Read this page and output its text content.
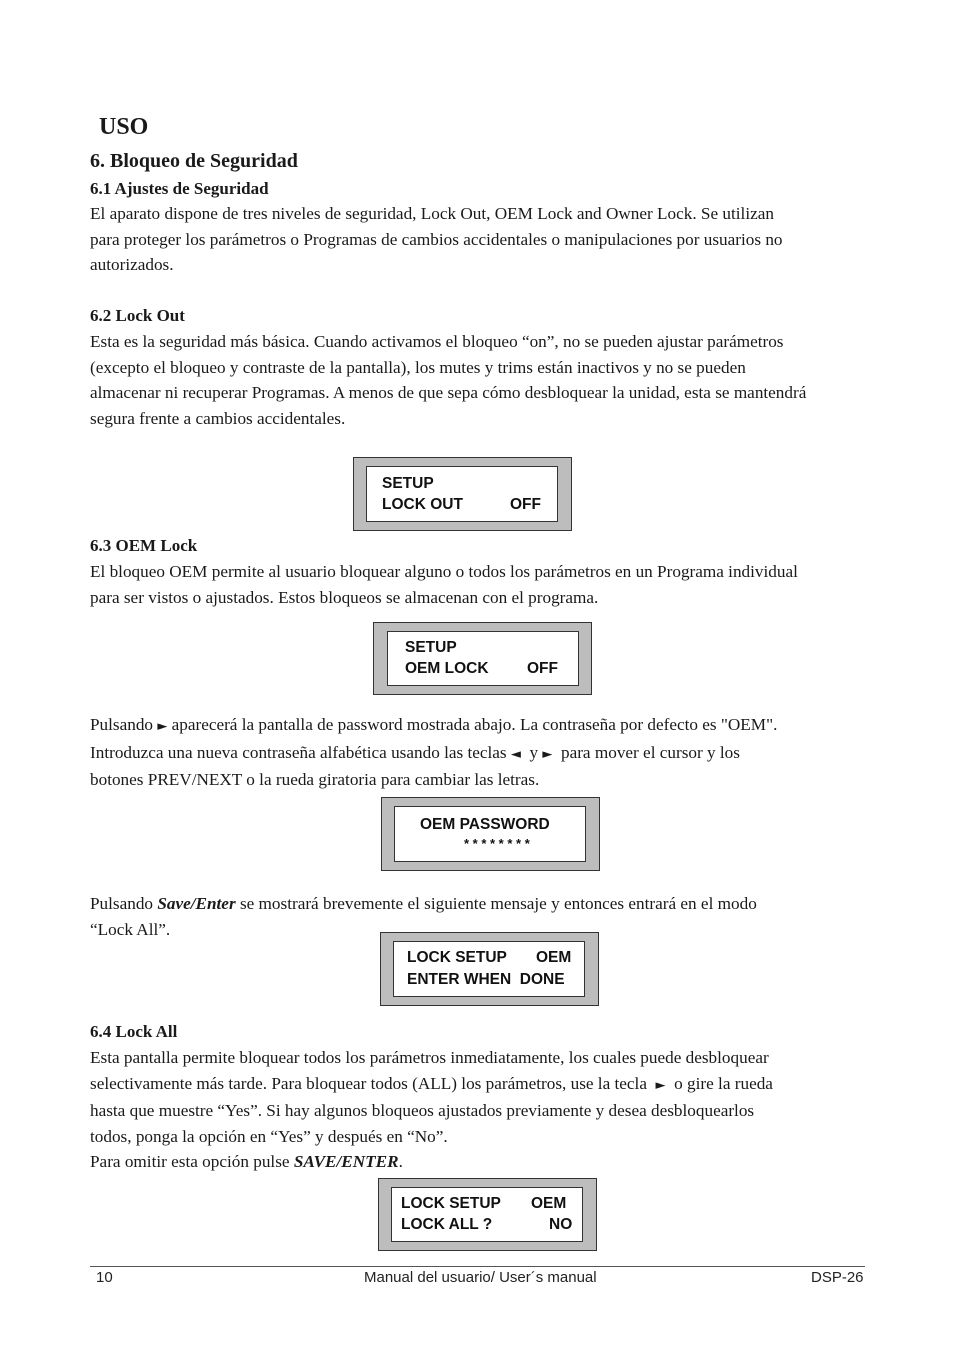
USO
6. Bloqueo de Seguridad
6.1 Ajustes de Seguridad
El aparato dispone de tres niveles de seguridad, Lock Out, OEM Lock and Owner Lock. Se utilizan
para proteger los parámetros o Programas de cambios accidentales o manipulaciones por usuarios no
autorizados.
6.2 Lock Out
Esta es la seguridad más básica. Cuando activamos el bloqueo “on”, no se pueden ajustar parámetros
(excepto el bloqueo y contraste de la pantalla), los mutes y trims están inactivos y no se pueden
almacenar ni recuperar Programas. A menos de que sepa cómo desbloquear la unidad, esta se mantendrá
segura frente a cambios accidentales.
SETUP
LOCK OUT	OFF
6.3 OEM Lock
El bloqueo OEM permite al usuario bloquear alguno o todos los parámetros en un Programa individual
para ser vistos o ajustados. Estos bloqueos se almacenan con el programa.
SETUP
OEM LOCK OFF
Pulsando ► aparecerá la pantalla de password mostrada abajo. La contraseña por defecto es "OEM".
Introduzca una nueva contraseña alfabética usando las teclas ◄ y ► para mover el cursor y los
botones PREV/NEXT o la rueda giratoria para cambiar las letras.
OEM PASSWORD
* * * * * * * *
Pulsando Save/Enter se mostrará brevemente el siguiente mensaje y entonces entrará en el modo
“Lock All”.
LOCK SETUP OEM
ENTER WHEN  DONE
6.4 Lock All
Esta pantalla permite bloquear todos los parámetros inmediatamente, los cuales puede desbloquear
selectivamente más tarde. Para bloquear todos (ALL) los parámetros, use la tecla ► o gire la rueda
hasta que muestre “Yes”. Si hay algunos bloqueos ajustados previamente y desea desbloquearlos
todos, ponga la opción en “Yes” y después en “No”.
Para omitir esta opción pulse SAVE/ENTER.
LOCK SETUP OEM
LOCK ALL ?	NO
10	Manual del usuario/ User´s manual	DSP-26
